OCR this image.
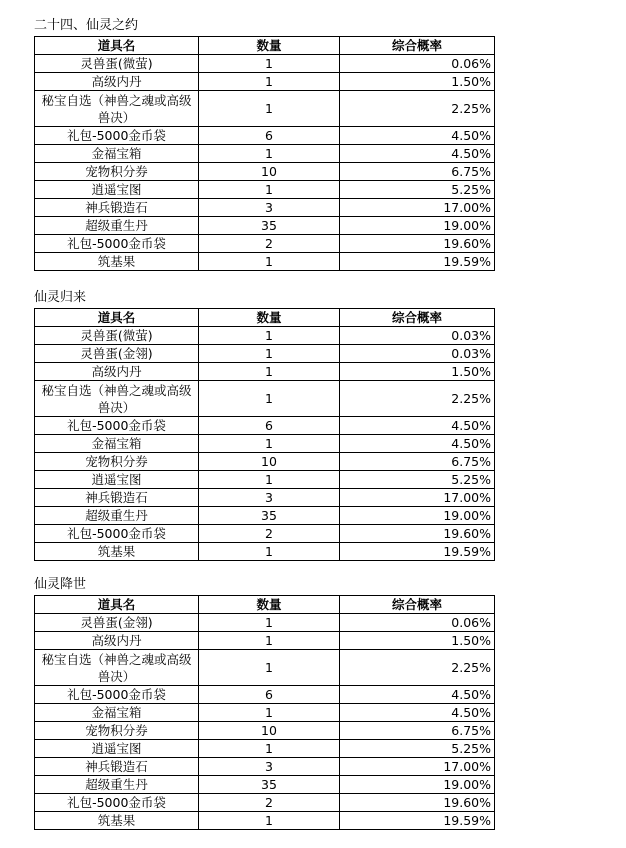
二十四、仙灵之约
道具名	数量	综合概率
灵兽蛋(微萤)	1	0.06%
高级内丹	1	1.50%
秘宝自选（神兽之魂或高级兽决）	1	2.25%
礼包-5000金币袋	6	4.50%
金福宝箱	1	4.50%
宠物积分券	10	6.75%
逍遥宝图	1	5.25%
神兵锻造石	3	17.00%
超级重生丹	35	19.00%
礼包-5000金币袋	2	19.60%
筑基果	1	19.59%
仙灵归来
道具名	数量	综合概率
灵兽蛋(微萤)	1	0.03%
灵兽蛋(金翎)	1	0.03%
高级内丹	1	1.50%
秘宝自选（神兽之魂或高级兽决）	1	2.25%
礼包-5000金币袋	6	4.50%
金福宝箱	1	4.50%
宠物积分券	10	6.75%
逍遥宝图	1	5.25%
神兵锻造石	3	17.00%
超级重生丹	35	19.00%
礼包-5000金币袋	2	19.60%
筑基果	1	19.59%
仙灵降世
道具名	数量	综合概率
灵兽蛋(金翎)	1	0.06%
高级内丹	1	1.50%
秘宝自选（神兽之魂或高级兽决）	1	2.25%
礼包-5000金币袋	6	4.50%
金福宝箱	1	4.50%
宠物积分券	10	6.75%
逍遥宝图	1	5.25%
神兵锻造石	3	17.00%
超级重生丹	35	19.00%
礼包-5000金币袋	2	19.60%
筑基果	1	19.59%
